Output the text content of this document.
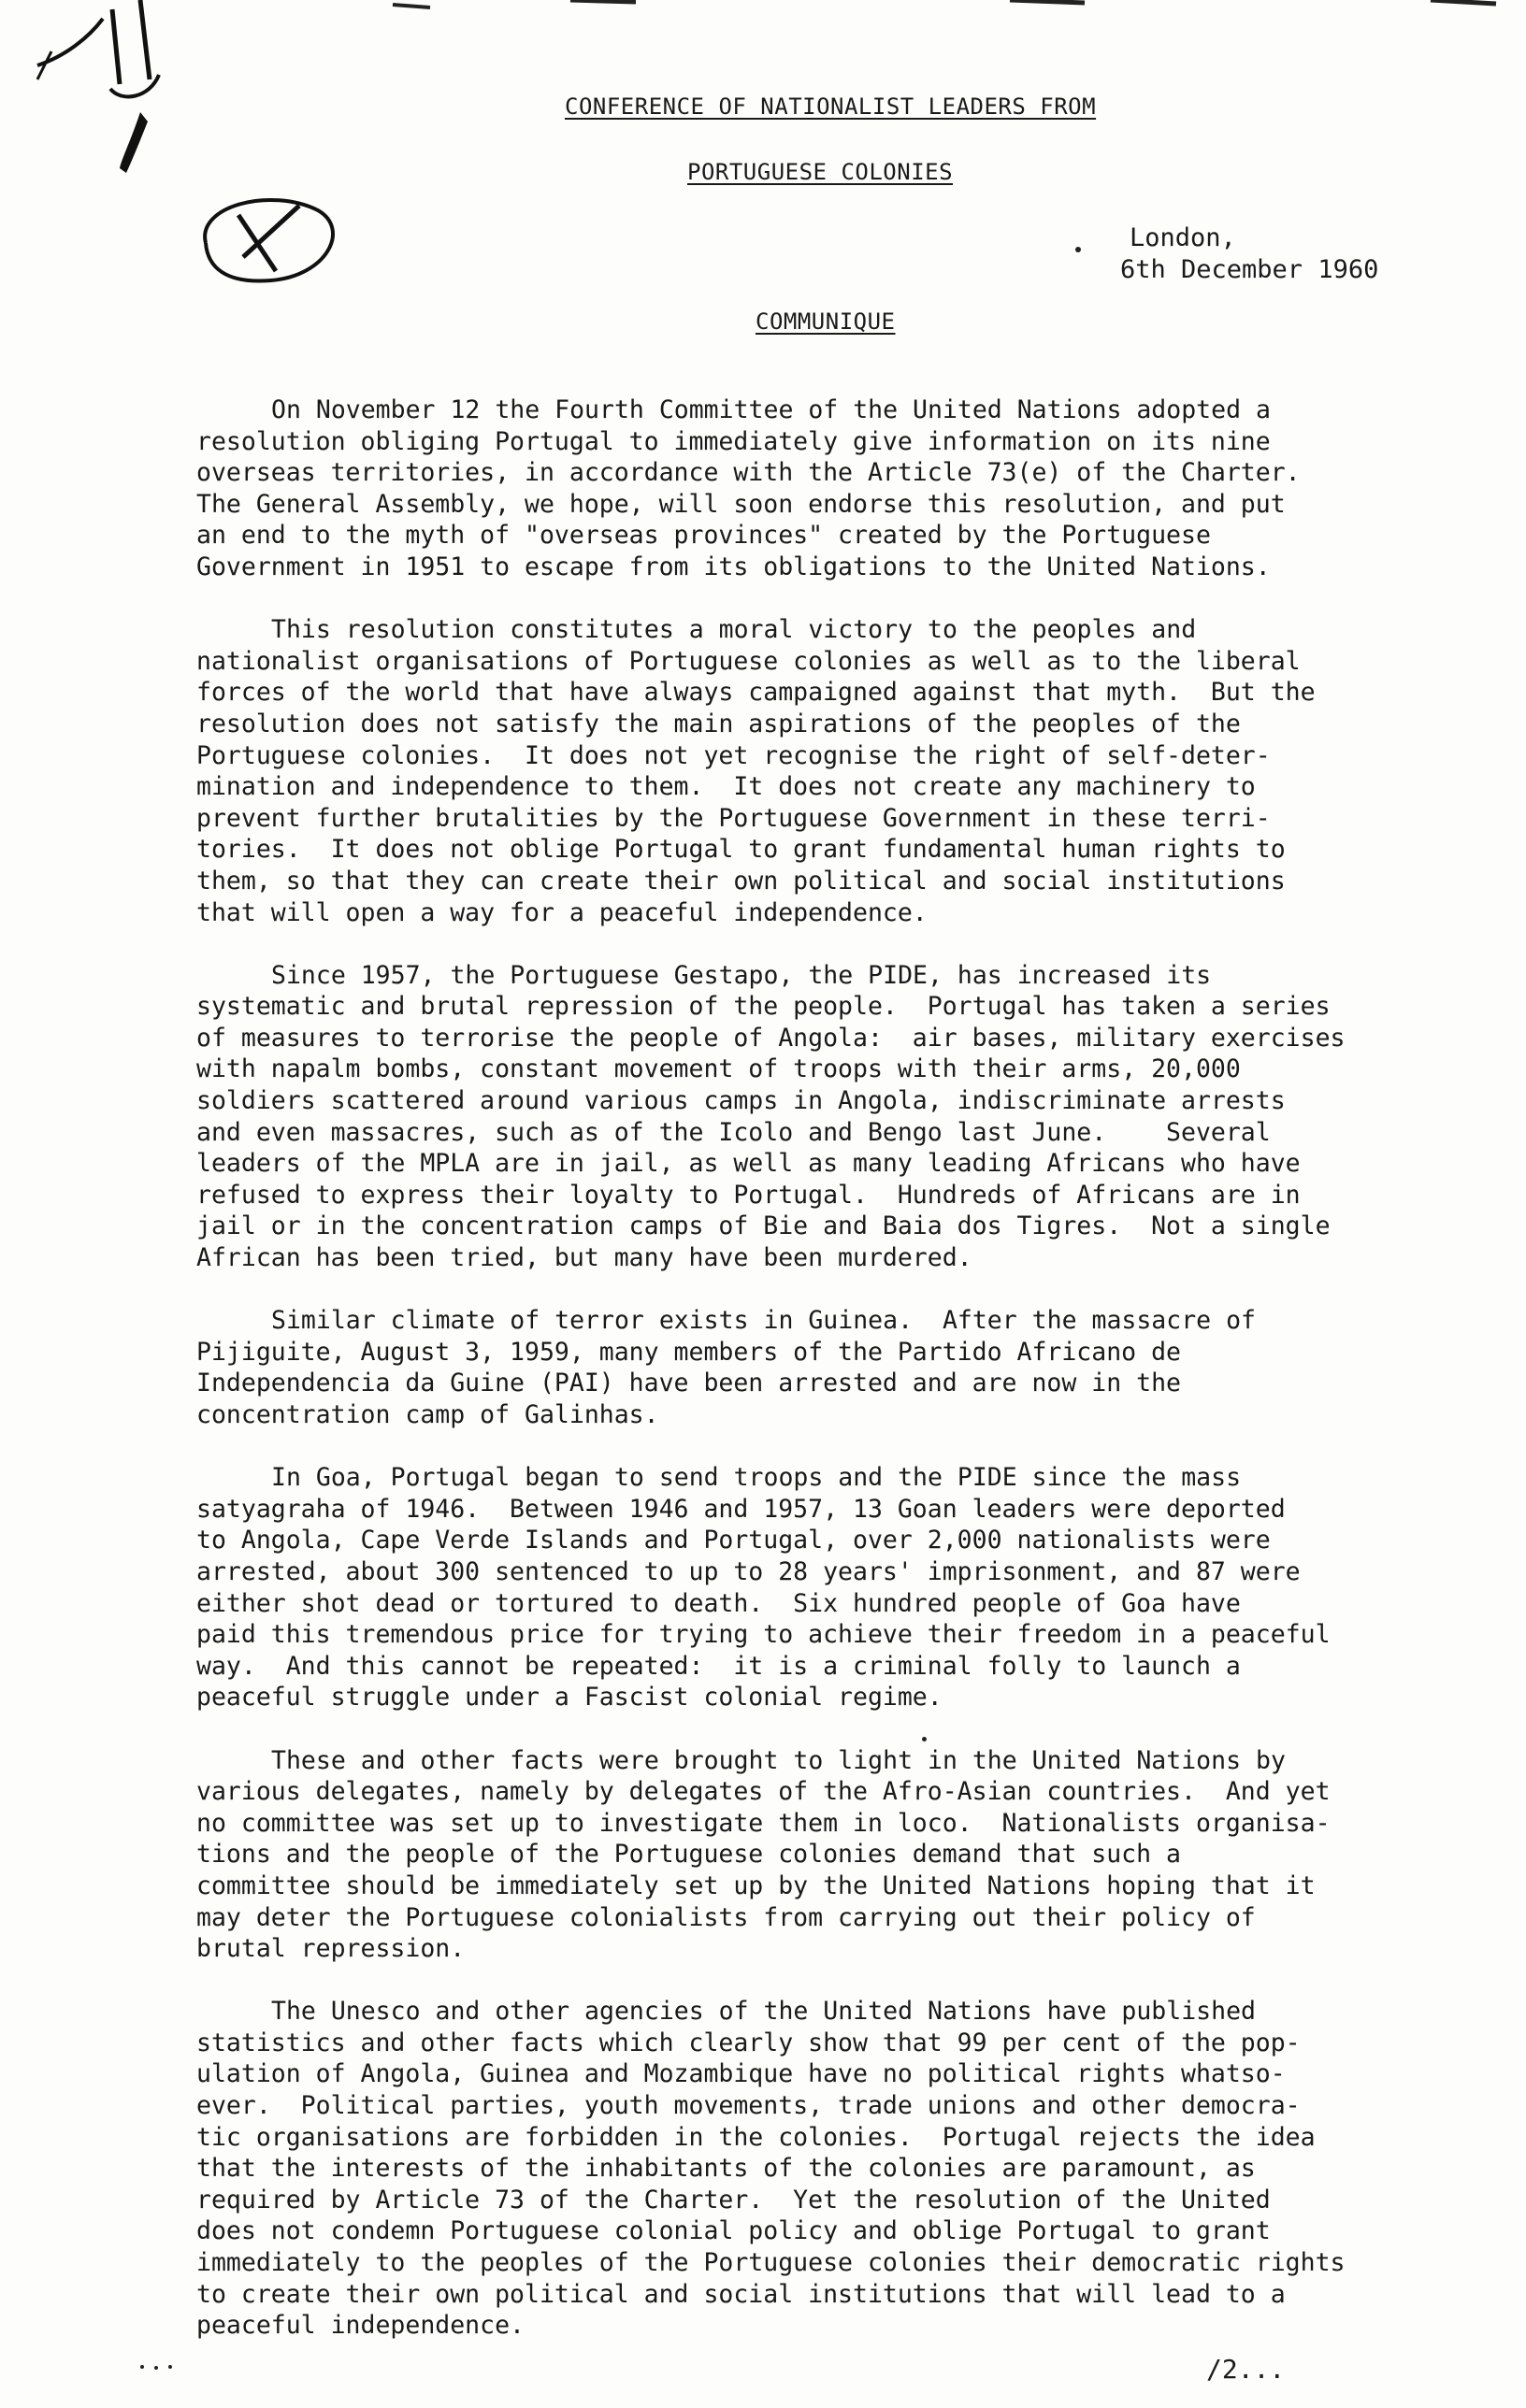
CONFERENCE OF NATIONALIST LEADERS FROM
PORTUGUESE COLONIES
London,
6th December 1960
COMMUNIQUE
On November 12 the Fourth Committee of the United Nations adopted a
resolution obliging Portugal to immediately give information on its nine
overseas territories, in accordance with the Article 73(e) of the Charter.
The General Assembly, we hope, will soon endorse this resolution, and put
an end to the myth of "overseas provinces" created by the Portuguese
Government in 1951 to escape from its obligations to the United Nations.
This resolution constitutes a moral victory to the peoples and
nationalist organisations of Portuguese colonies as well as to the liberal
forces of the world that have always campaigned against that myth.  But the
resolution does not satisfy the main aspirations of the peoples of the
Portuguese colonies.  It does not yet recognise the right of self-deter-
mination and independence to them.  It does not create any machinery to
prevent further brutalities by the Portuguese Government in these terri-
tories.  It does not oblige Portugal to grant fundamental human rights to
them, so that they can create their own political and social institutions
that will open a way for a peaceful independence.
Since 1957, the Portuguese Gestapo, the PIDE, has increased its
systematic and brutal repression of the people.  Portugal has taken a series
of measures to terrorise the people of Angola:  air bases, military exercises
with napalm bombs, constant movement of troops with their arms, 20,000
soldiers scattered around various camps in Angola, indiscriminate arrests
and even massacres, such as of the Icolo and Bengo last June.    Several
leaders of the MPLA are in jail, as well as many leading Africans who have
refused to express their loyalty to Portugal.  Hundreds of Africans are in
jail or in the concentration camps of Bie and Baia dos Tigres.  Not a single
African has been tried, but many have been murdered.
Similar climate of terror exists in Guinea.  After the massacre of
Pijiguite, August 3, 1959, many members of the Partido Africano de
Independencia da Guine (PAI) have been arrested and are now in the
concentration camp of Galinhas.
In Goa, Portugal began to send troops and the PIDE since the mass
satyagraha of 1946.  Between 1946 and 1957, 13 Goan leaders were deported
to Angola, Cape Verde Islands and Portugal, over 2,000 nationalists were
arrested, about 300 sentenced to up to 28 years' imprisonment, and 87 were
either shot dead or tortured to death.  Six hundred people of Goa have
paid this tremendous price for trying to achieve their freedom in a peaceful
way.  And this cannot be repeated:  it is a criminal folly to launch a
peaceful struggle under a Fascist colonial regime.
These and other facts were brought to light in the United Nations by
various delegates, namely by delegates of the Afro-Asian countries.  And yet
no committee was set up to investigate them in loco.  Nationalists organisa-
tions and the people of the Portuguese colonies demand that such a
committee should be immediately set up by the United Nations hoping that it
may deter the Portuguese colonialists from carrying out their policy of
brutal repression.
The Unesco and other agencies of the United Nations have published
statistics and other facts which clearly show that 99 per cent of the pop-
ulation of Angola, Guinea and Mozambique have no political rights whatso-
ever.  Political parties, youth movements, trade unions and other democra-
tic organisations are forbidden in the colonies.  Portugal rejects the idea
that the interests of the inhabitants of the colonies are paramount, as
required by Article 73 of the Charter.  Yet the resolution of the United
does not condemn Portuguese colonial policy and oblige Portugal to grant
immediately to the peoples of the Portuguese colonies their democratic rights
to create their own political and social institutions that will lead to a
peaceful independence.
/2...
